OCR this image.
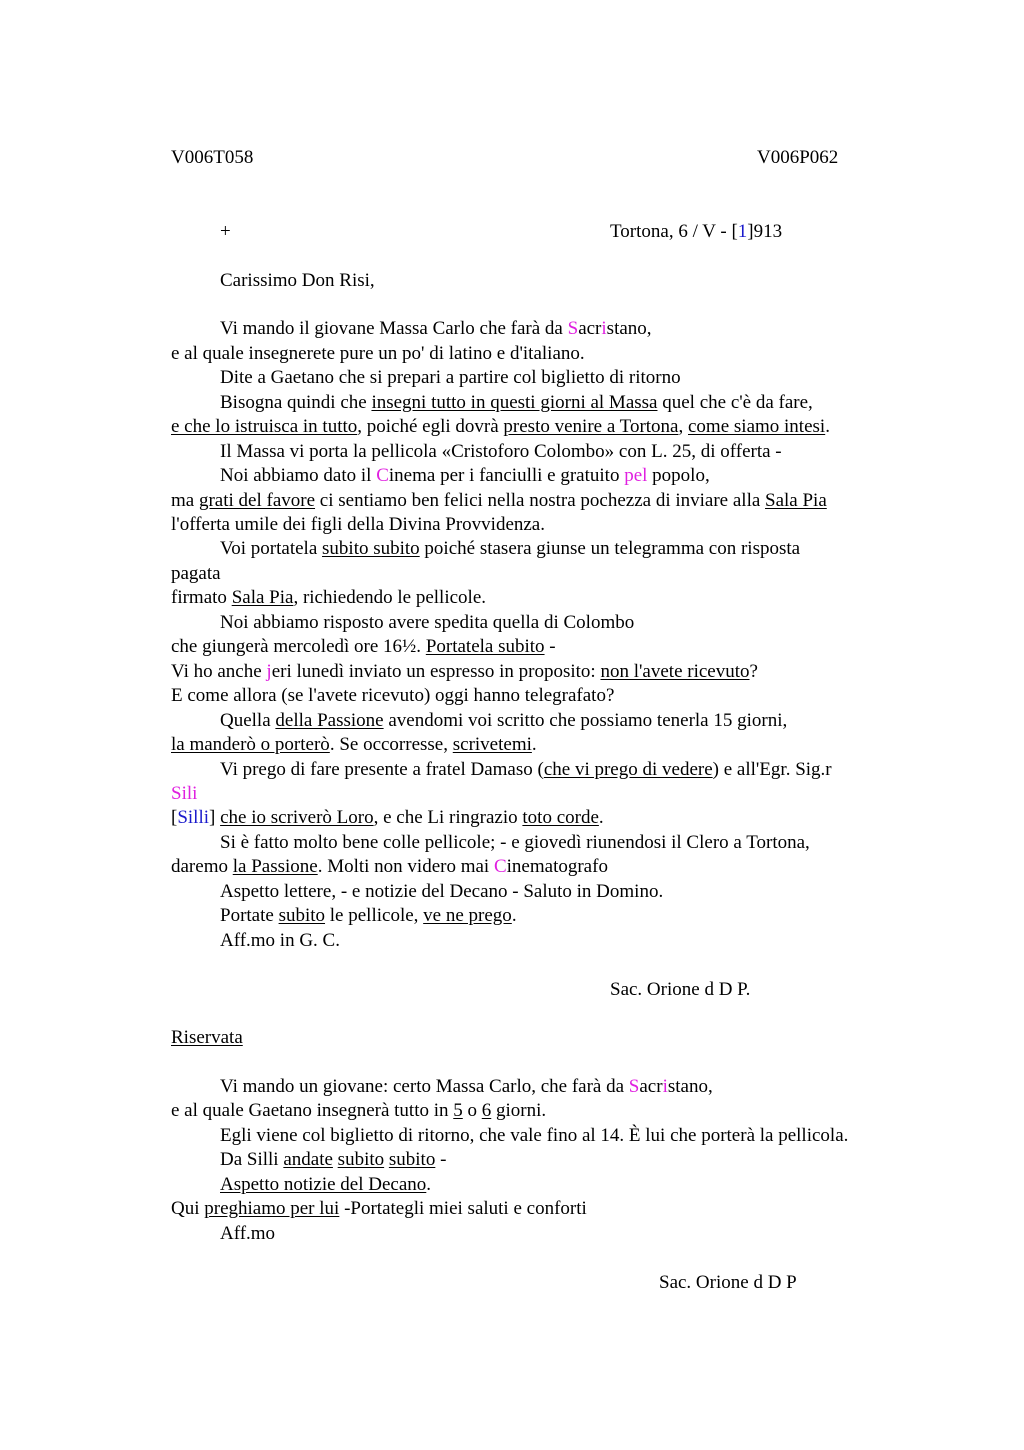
V006T058	V006P062
+	Tortona, 6 / V - [1]913
Carissimo Don Risi,
Vi mando il giovane Massa Carlo che farà da Sacristano,
e al quale insegnerete pure un po' di latino e d'italiano.
Dite a Gaetano che si prepari a partire col biglietto di ritorno
Bisogna quindi che insegni tutto in questi giorni al Massa quel che c'è da fare,
e che lo istruisca in tutto, poiché egli dovrà presto venire a Tortona, come siamo intesi.
Il Massa vi porta la pellicola «Cristoforo Colombo» con L. 25, di offerta -
Noi abbiamo dato il Cinema per i fanciulli e gratuito pel popolo,
ma grati del favore ci sentiamo ben felici nella nostra pochezza di inviare alla Sala Pia
l'offerta umile dei figli della Divina Provvidenza.
Voi portatela subito subito poiché stasera giunse un telegramma con risposta
pagata
firmato Sala Pia, richiedendo le pellicole.
Noi abbiamo risposto avere spedita quella di Colombo
che giungerà mercoledì ore 16½. Portatela subito -
Vi ho anche jeri lunedì inviato un espresso in proposito: non l'avete ricevuto?
E come allora (se l'avete ricevuto) oggi hanno telegrafato?
Quella della Passione avendomi voi scritto che possiamo tenerla 15 giorni,
la manderò o porterò. Se occorresse, scrivetemi.
Vi prego di fare presente a fratel Damaso (che vi prego di vedere) e all'Egr. Sig.r
Sili
[Silli] che io scriverò Loro, e che Li ringrazio toto corde.
Si è fatto molto bene colle pellicole; - e giovedì riunendosi il Clero a Tortona,
daremo la Passione. Molti non videro mai Cinematografo
Aspetto lettere, - e notizie del Decano - Saluto in Domino.
Portate subito le pellicole, ve ne prego.
Aff.mo in G. C.
Sac. Orione d D P.
Riservata
Vi mando un giovane: certo Massa Carlo, che farà da Sacristano,
e al quale Gaetano insegnerà tutto in 5 o 6 giorni.
Egli viene col biglietto di ritorno, che vale fino al 14. È lui che porterà la pellicola.
Da Silli andate subito subito -
Aspetto notizie del Decano.
Qui preghiamo per lui -Portategli miei saluti e conforti
Aff.mo
Sac. Orione d D P
